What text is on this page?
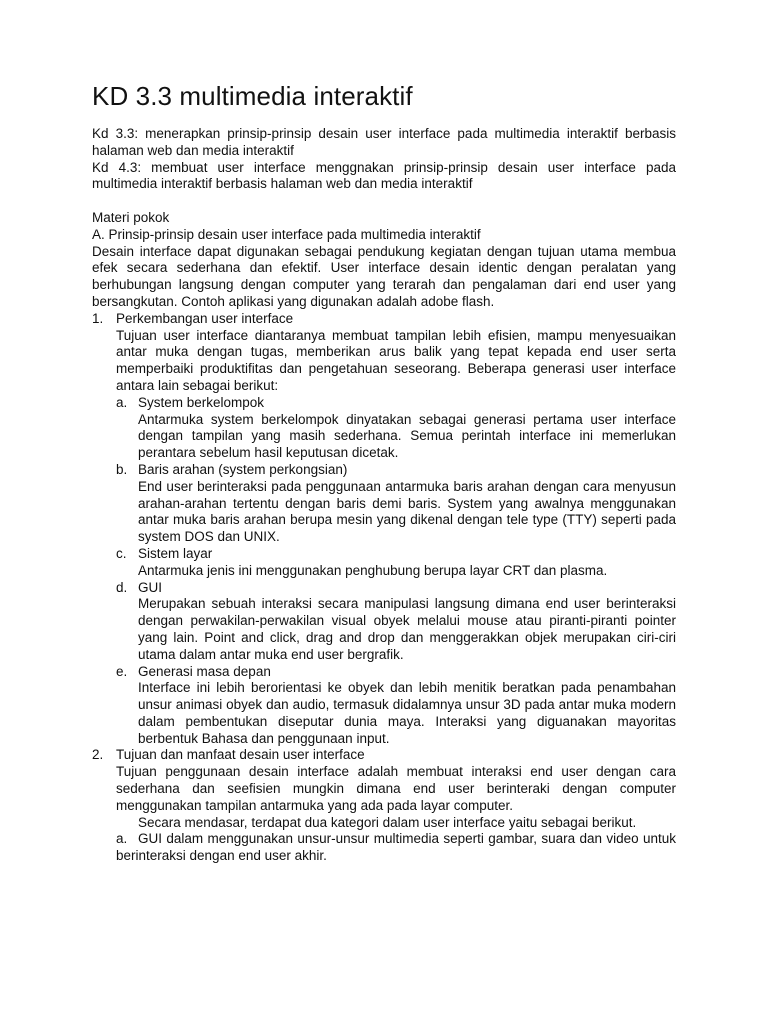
KD 3.3 multimedia interaktif

Kd 3.3: menerapkan prinsip-prinsip desain user interface pada multimedia interaktif berbasis halaman web dan media interaktif

Kd 4.3: membuat user interface menggnakan prinsip-prinsip desain user interface pada multimedia interaktif berbasis halaman web dan media interaktif

Materi pokok

A. Prinsip-prinsip desain user interface pada multimedia interaktif

Desain interface dapat digunakan sebagai pendukung kegiatan dengan tujuan utama membua efek secara sederhana dan efektif. User interface desain identic dengan peralatan yang berhubungan langsung dengan computer yang terarah dan pengalaman dari end user yang bersangkutan. Contoh aplikasi yang digunakan adalah adobe flash.

1. Perkembangan user interface

Tujuan user interface diantaranya membuat tampilan lebih efisien, mampu menyesuaikan antar muka dengan tugas, memberikan arus balik yang tepat kepada end user serta memperbaiki produktifitas dan pengetahuan seseorang. Beberapa generasi user interface antara lain sebagai berikut:

a. System berkelompok

Antarmuka system berkelompok dinyatakan sebagai generasi pertama user interface dengan tampilan yang masih sederhana. Semua perintah interface ini memerlukan perantara sebelum hasil keputusan dicetak.

b. Baris arahan (system perkongsian)

End user berinteraksi pada penggunaan antarmuka baris arahan dengan cara menyusun arahan-arahan tertentu dengan baris demi baris. System yang awalnya menggunakan antar muka baris arahan berupa mesin yang dikenal dengan tele type (TTY) seperti pada system DOS dan UNIX.

c. Sistem layar

Antarmuka jenis ini menggunakan penghubung berupa layar CRT dan plasma.

d. GUI

Merupakan sebuah interaksi secara manipulasi langsung dimana end user berinteraksi dengan perwakilan-perwakilan visual obyek melalui mouse atau piranti-piranti pointer yang lain. Point and click, drag and drop dan menggerakkan objek merupakan ciri-ciri utama dalam antar muka end user bergrafik.

e. Generasi masa depan

Interface ini lebih berorientasi ke obyek dan lebih menitik beratkan pada penambahan unsur animasi obyek dan audio, termasuk didalamnya unsur 3D pada antar muka modern dalam pembentukan diseputar dunia maya. Interaksi yang diguanakan mayoritas berbentuk Bahasa dan penggunaan input.

2. Tujuan dan manfaat desain user interface

Tujuan penggunaan desain interface adalah membuat interaksi end user dengan cara sederhana dan seefisien mungkin dimana end user berinteraki dengan computer menggunakan tampilan antarmuka yang ada pada layar computer.

Secara mendasar, terdapat dua kategori dalam user interface yaitu sebagai berikut.

a. GUI dalam menggunakan unsur-unsur multimedia seperti gambar, suara dan video untuk berinteraksi dengan end user akhir.
